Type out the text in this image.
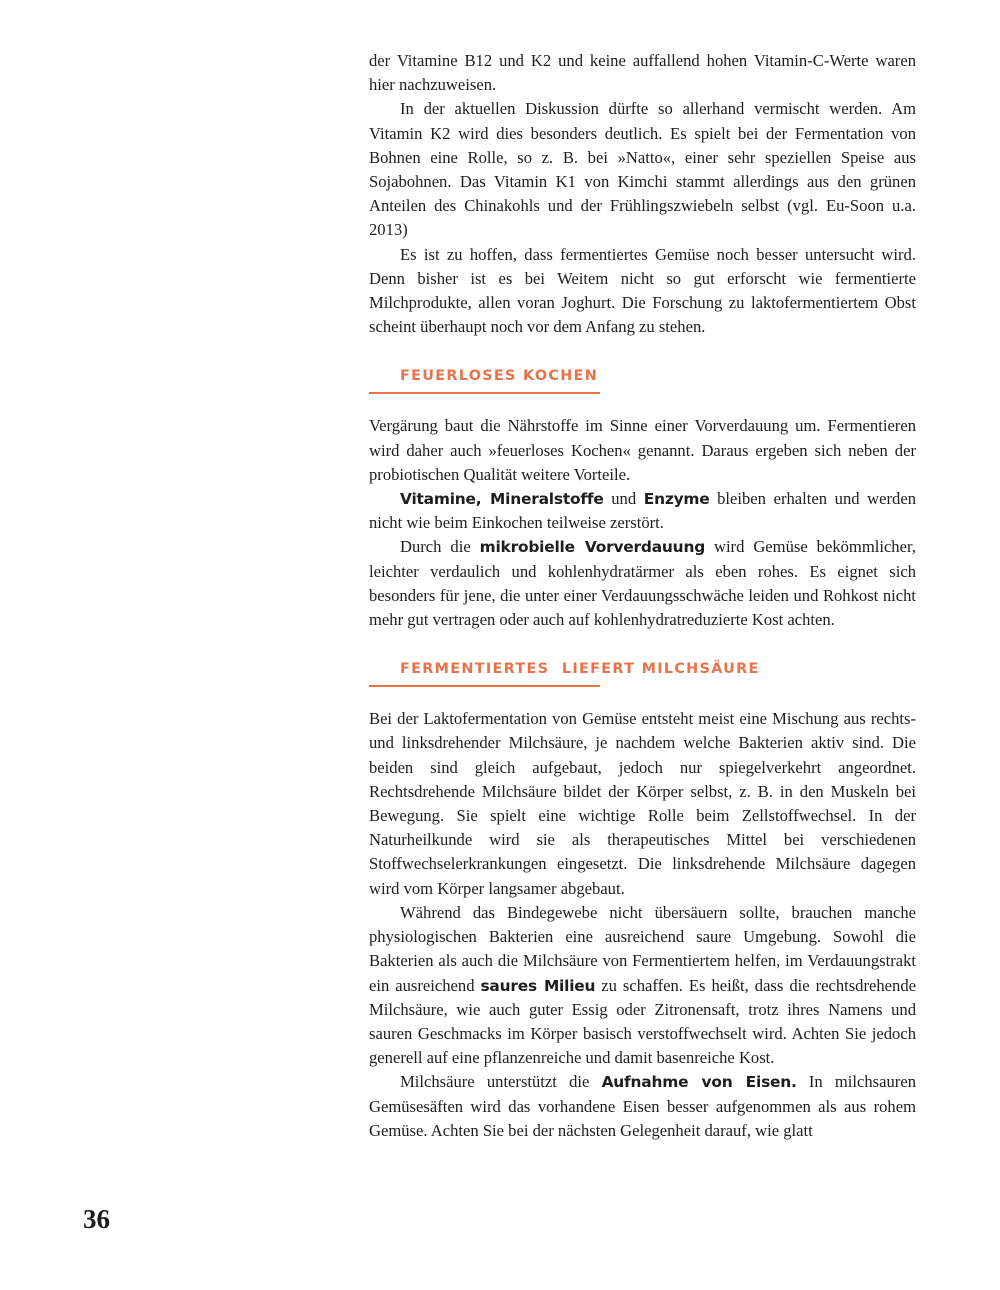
der Vitamine B12 und K2 und keine auffallend hohen Vitamin-C-Werte waren hier nachzuweisen.

In der aktuellen Diskussion dürfte so allerhand vermischt werden. Am Vitamin K2 wird dies besonders deutlich. Es spielt bei der Fermentation von Bohnen eine Rolle, so z. B. bei »Natto«, einer sehr speziellen Speise aus Sojabohnen. Das Vitamin K1 von Kimchi stammt allerdings aus den grünen Anteilen des Chinakohls und der Frühlingszwiebeln selbst (vgl. Eu-Soon u.a. 2013)

Es ist zu hoffen, dass fermentiertes Gemüse noch besser untersucht wird. Denn bisher ist es bei Weitem nicht so gut erforscht wie fermentierte Milchprodukte, allen voran Joghurt. Die Forschung zu laktofermentiertem Obst scheint überhaupt noch vor dem Anfang zu stehen.

FEUERLOSES KOCHEN

Vergärung baut die Nährstoffe im Sinne einer Vorverdauung um. Fermentieren wird daher auch »feuerloses Kochen« genannt. Daraus ergeben sich neben der probiotischen Qualität weitere Vorteile.

Vitamine, Mineralstoffe und Enzyme bleiben erhalten und werden nicht wie beim Einkochen teilweise zerstört.

Durch die mikrobielle Vorverdauung wird Gemüse bekömmlicher, leichter verdaulich und kohlenhydratärmer als eben rohes. Es eignet sich besonders für jene, die unter einer Verdauungsschwäche leiden und Rohkost nicht mehr gut vertragen oder auch auf kohlenhydratreduzierte Kost achten.

FERMENTIERTES  LIEFERT MILCHSÄURE

Bei der Laktofermentation von Gemüse entsteht meist eine Mischung aus rechts- und linksdrehender Milchsäure, je nachdem welche Bakterien aktiv sind. Die beiden sind gleich aufgebaut, jedoch nur spiegelverkehrt angeordnet. Rechtsdrehende Milchsäure bildet der Körper selbst, z. B. in den Muskeln bei Bewegung. Sie spielt eine wichtige Rolle beim Zellstoffwechsel. In der Naturheilkunde wird sie als therapeutisches Mittel bei verschiedenen Stoffwechselerkrankungen eingesetzt. Die linksdrehende Milchsäure dagegen wird vom Körper langsamer abgebaut.

Während das Bindegewebe nicht übersäuern sollte, brauchen manche physiologischen Bakterien eine ausreichend saure Umgebung. Sowohl die Bakterien als auch die Milchsäure von Fermentiertem helfen, im Verdauungstrakt ein ausreichend saures Milieu zu schaffen. Es heißt, dass die rechtsdrehende Milchsäure, wie auch guter Essig oder Zitronensaft, trotz ihres Namens und sauren Geschmacks im Körper basisch verstoffwechselt wird. Achten Sie jedoch generell auf eine pflanzenreiche und damit basenreiche Kost.

Milchsäure unterstützt die Aufnahme von Eisen. In milchsauren Gemüsesäften wird das vorhandene Eisen besser aufgenommen als aus rohem Gemüse. Achten Sie bei der nächsten Gelegenheit darauf, wie glatt

36
